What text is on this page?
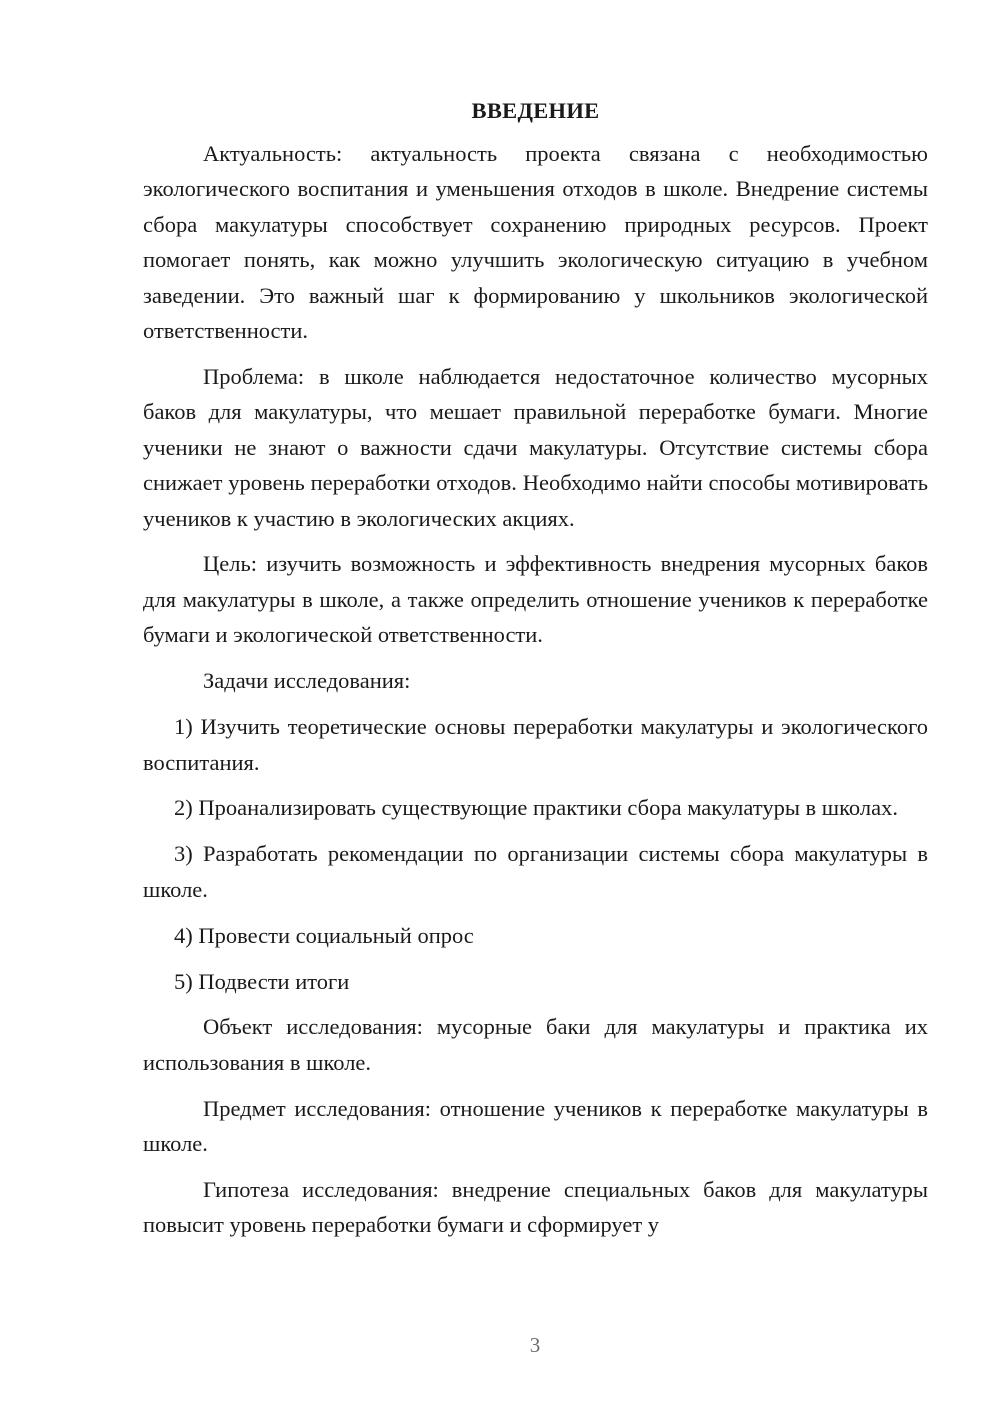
ВВЕДЕНИЕ

Актуальность: актуальность проекта связана с необходимостью экологического воспитания и уменьшения отходов в школе. Внедрение системы сбора макулатуры способствует сохранению природных ресурсов. Проект помогает понять, как можно улучшить экологическую ситуацию в учебном заведении. Это важный шаг к формированию у школьников экологической ответственности.

Проблема: в школе наблюдается недостаточное количество мусорных баков для макулатуры, что мешает правильной переработке бумаги. Многие ученики не знают о важности сдачи макулатуры. Отсутствие системы сбора снижает уровень переработки отходов. Необходимо найти способы мотивировать учеников к участию в экологических акциях.

Цель: изучить возможность и эффективность внедрения мусорных баков для макулатуры в школе, а также определить отношение учеников к переработке бумаги и экологической ответственности.

Задачи исследования:

1) Изучить теоретические основы переработки макулатуры и экологического воспитания.

2) Проанализировать существующие практики сбора макулатуры в школах.

3) Разработать рекомендации по организации системы сбора макулатуры в школе.

4) Провести социальный опрос

5) Подвести итоги

Объект исследования: мусорные баки для макулатуры и практика их использования в школе.

Предмет исследования: отношение учеников к переработке макулатуры в школе.

Гипотеза исследования: внедрение специальных баков для макулатуры повысит уровень переработки бумаги и сформирует у

3
